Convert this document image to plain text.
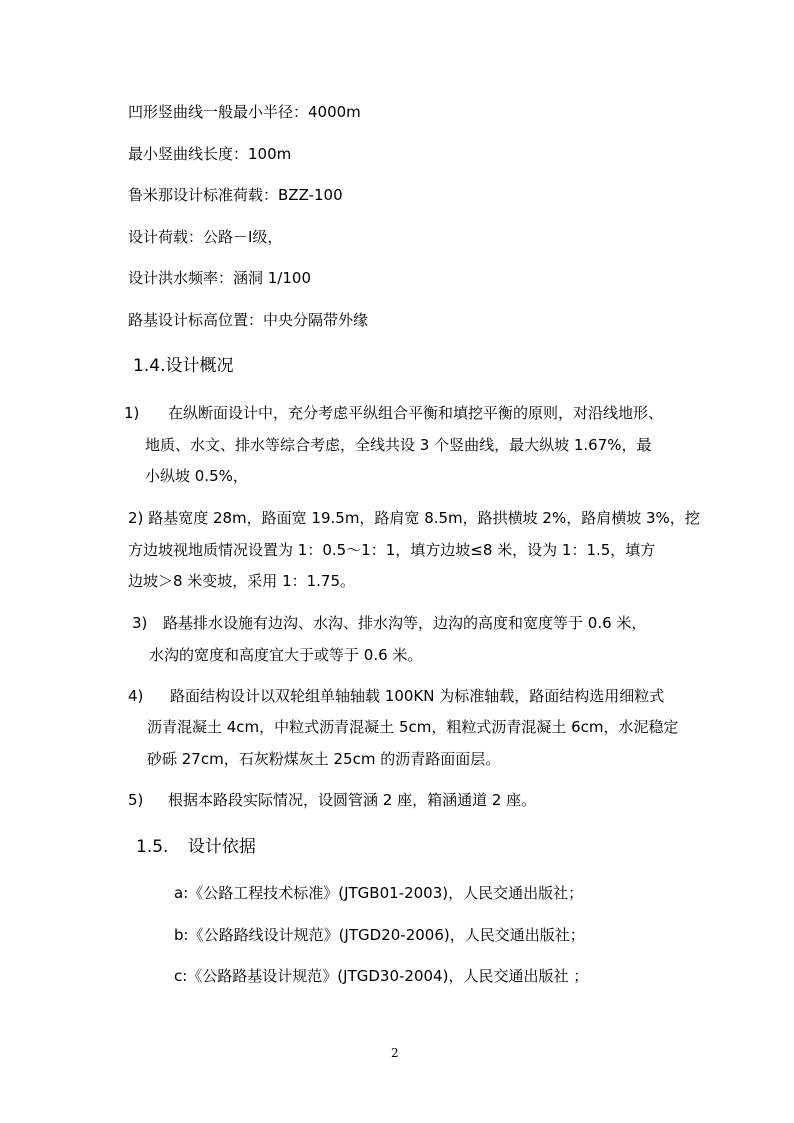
凹形竖曲线一般最小半径：4000m
最小竖曲线长度：100m
鲁米那设计标准荷载：BZZ-100
设计荷载：公路－Ⅰ级，
设计洪水频率：涵洞 1/100
路基设计标高位置：中央分隔带外缘
1.4.设计概况
1) 在纵断面设计中，充分考虑平纵组合平衡和填挖平衡的原则，对沿线地形、
地质、水文、排水等综合考虑，全线共设 3 个竖曲线，最大纵坡 1.67%，最
小纵坡 0.5%，
2) 路基宽度 28m，路面宽 19.5m，路肩宽 8.5m，路拱横坡 2%，路肩横坡 3%，挖
方边坡视地质情况设置为 1：0.5～1：1，填方边坡≤8 米，设为 1：1.5，填方
边坡＞8 米变坡，采用 1：1.75。
3) 路基排水设施有边沟、水沟、排水沟等，边沟的高度和宽度等于 0.6 米，
水沟的宽度和高度宜大于或等于 0.6 米。
4) 路面结构设计以双轮组单轴轴载 100KN 为标准轴载，路面结构选用细粒式
沥青混凝土 4cm，中粒式沥青混凝土 5cm，粗粒式沥青混凝土 6cm，水泥稳定
砂砾 27cm，石灰粉煤灰土 25cm 的沥青路面面层。
5) 根据本路段实际情况，设圆管涵 2 座，箱涵通道 2 座。
1.5. 设计依据
a:《公路工程技术标准》(JTGB01-2003)，人民交通出版社；
b:《公路路线设计规范》(JTGD20-2006)，人民交通出版社；
c:《公路路基设计规范》(JTGD30-2004)，人民交通出版社 ；
2
